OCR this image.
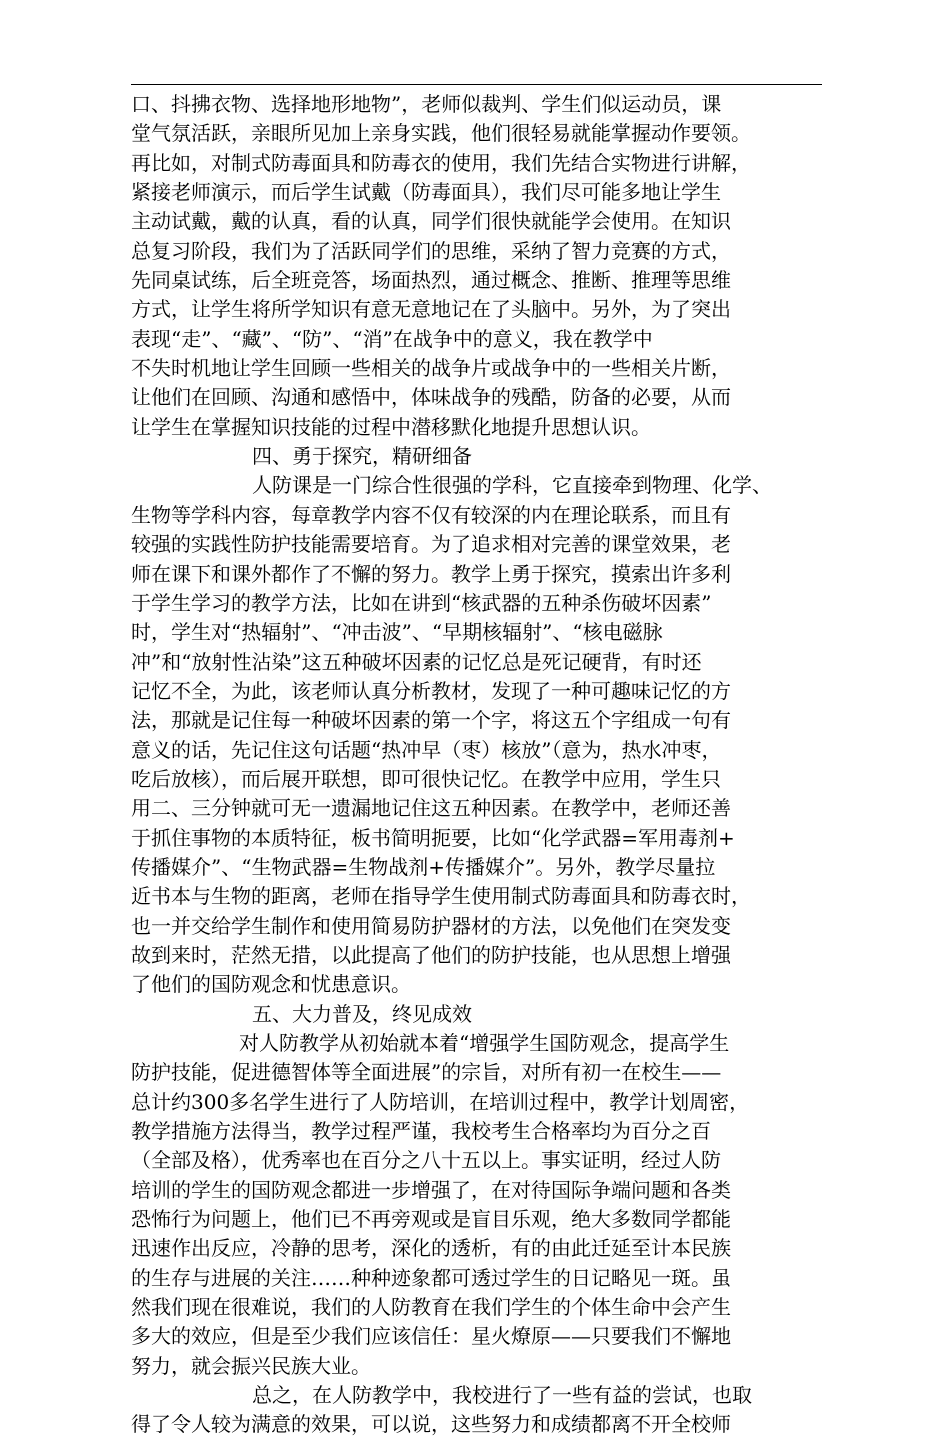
口、抖拂衣物、选择地形地物”，老师似裁判、学生们似运动员，课
堂气氛活跃，亲眼所见加上亲身实践，他们很轻易就能掌握动作要领。
再比如，对制式防毒面具和防毒衣的使用，我们先结合实物进行讲解，
紧接老师演示，而后学生试戴（防毒面具），我们尽可能多地让学生
主动试戴，戴的认真，看的认真，同学们很快就能学会使用。在知识
总复习阶段，我们为了活跃同学们的思维，采纳了智力竞赛的方式，
先同桌试练，后全班竞答，场面热烈，通过概念、推断、推理等思维
方式，让学生将所学知识有意无意地记在了头脑中。另外，为了突出
表现“走”、“藏”、“防”、“消”在战争中的意义，我在教学中
不失时机地让学生回顾一些相关的战争片或战争中的一些相关片断，
让他们在回顾、沟通和感悟中，体味战争的残酷，防备的必要，从而
让学生在掌握知识技能的过程中潜移默化地提升思想认识。
四、勇于探究，精研细备
人防课是一门综合性很强的学科，它直接牵到物理、化学、
生物等学科内容，每章教学内容不仅有较深的内在理论联系，而且有
较强的实践性防护技能需要培育。为了追求相对完善的课堂效果，老
师在课下和课外都作了不懈的努力。教学上勇于探究，摸索出许多利
于学生学习的教学方法，比如在讲到“核武器的五种杀伤破坏因素”
时，学生对“热辐射”、“冲击波”、“早期核辐射”、“核电磁脉
冲”和“放射性沾染”这五种破坏因素的记忆总是死记硬背，有时还
记忆不全，为此，该老师认真分析教材，发现了一种可趣味记忆的方
法，那就是记住每一种破坏因素的第一个字，将这五个字组成一句有
意义的话，先记住这句话题“热冲早（枣）核放”（意为，热水冲枣，
吃后放核），而后展开联想，即可很快记忆。在教学中应用，学生只
用二、三分钟就可无一遗漏地记住这五种因素。在教学中，老师还善
于抓住事物的本质特征，板书简明扼要，比如“化学武器=军用毒剂+
传播媒介”、“生物武器=生物战剂+传播媒介”。另外，教学尽量拉
近书本与生物的距离，老师在指导学生使用制式防毒面具和防毒衣时，
也一并交给学生制作和使用简易防护器材的方法，以免他们在突发变
故到来时，茫然无措，以此提高了他们的防护技能，也从思想上增强
了他们的国防观念和忧患意识。
五、大力普及，终见成效
对人防教学从初始就本着“增强学生国防观念，提高学生
防护技能，促进德智体等全面进展”的宗旨，对所有初一在校生——
总计约300多名学生进行了人防培训，在培训过程中，教学计划周密，
教学措施方法得当，教学过程严谨，我校考生合格率均为百分之百
（全部及格），优秀率也在百分之八十五以上。事实证明，经过人防
培训的学生的国防观念都进一步增强了，在对待国际争端问题和各类
恐怖行为问题上，他们已不再旁观或是盲目乐观，绝大多数同学都能
迅速作出反应，冷静的思考，深化的透析，有的由此迁延至计本民族
的生存与进展的关注……种种迹象都可透过学生的日记略见一斑。虽
然我们现在很难说，我们的人防教育在我们学生的个体生命中会产生
多大的效应，但是至少我们应该信任：星火燎原——只要我们不懈地
努力，就会振兴民族大业。
总之，在人防教学中，我校进行了一些有益的尝试，也取
得了令人较为满意的效果，可以说，这些努力和成绩都离不开全校师
